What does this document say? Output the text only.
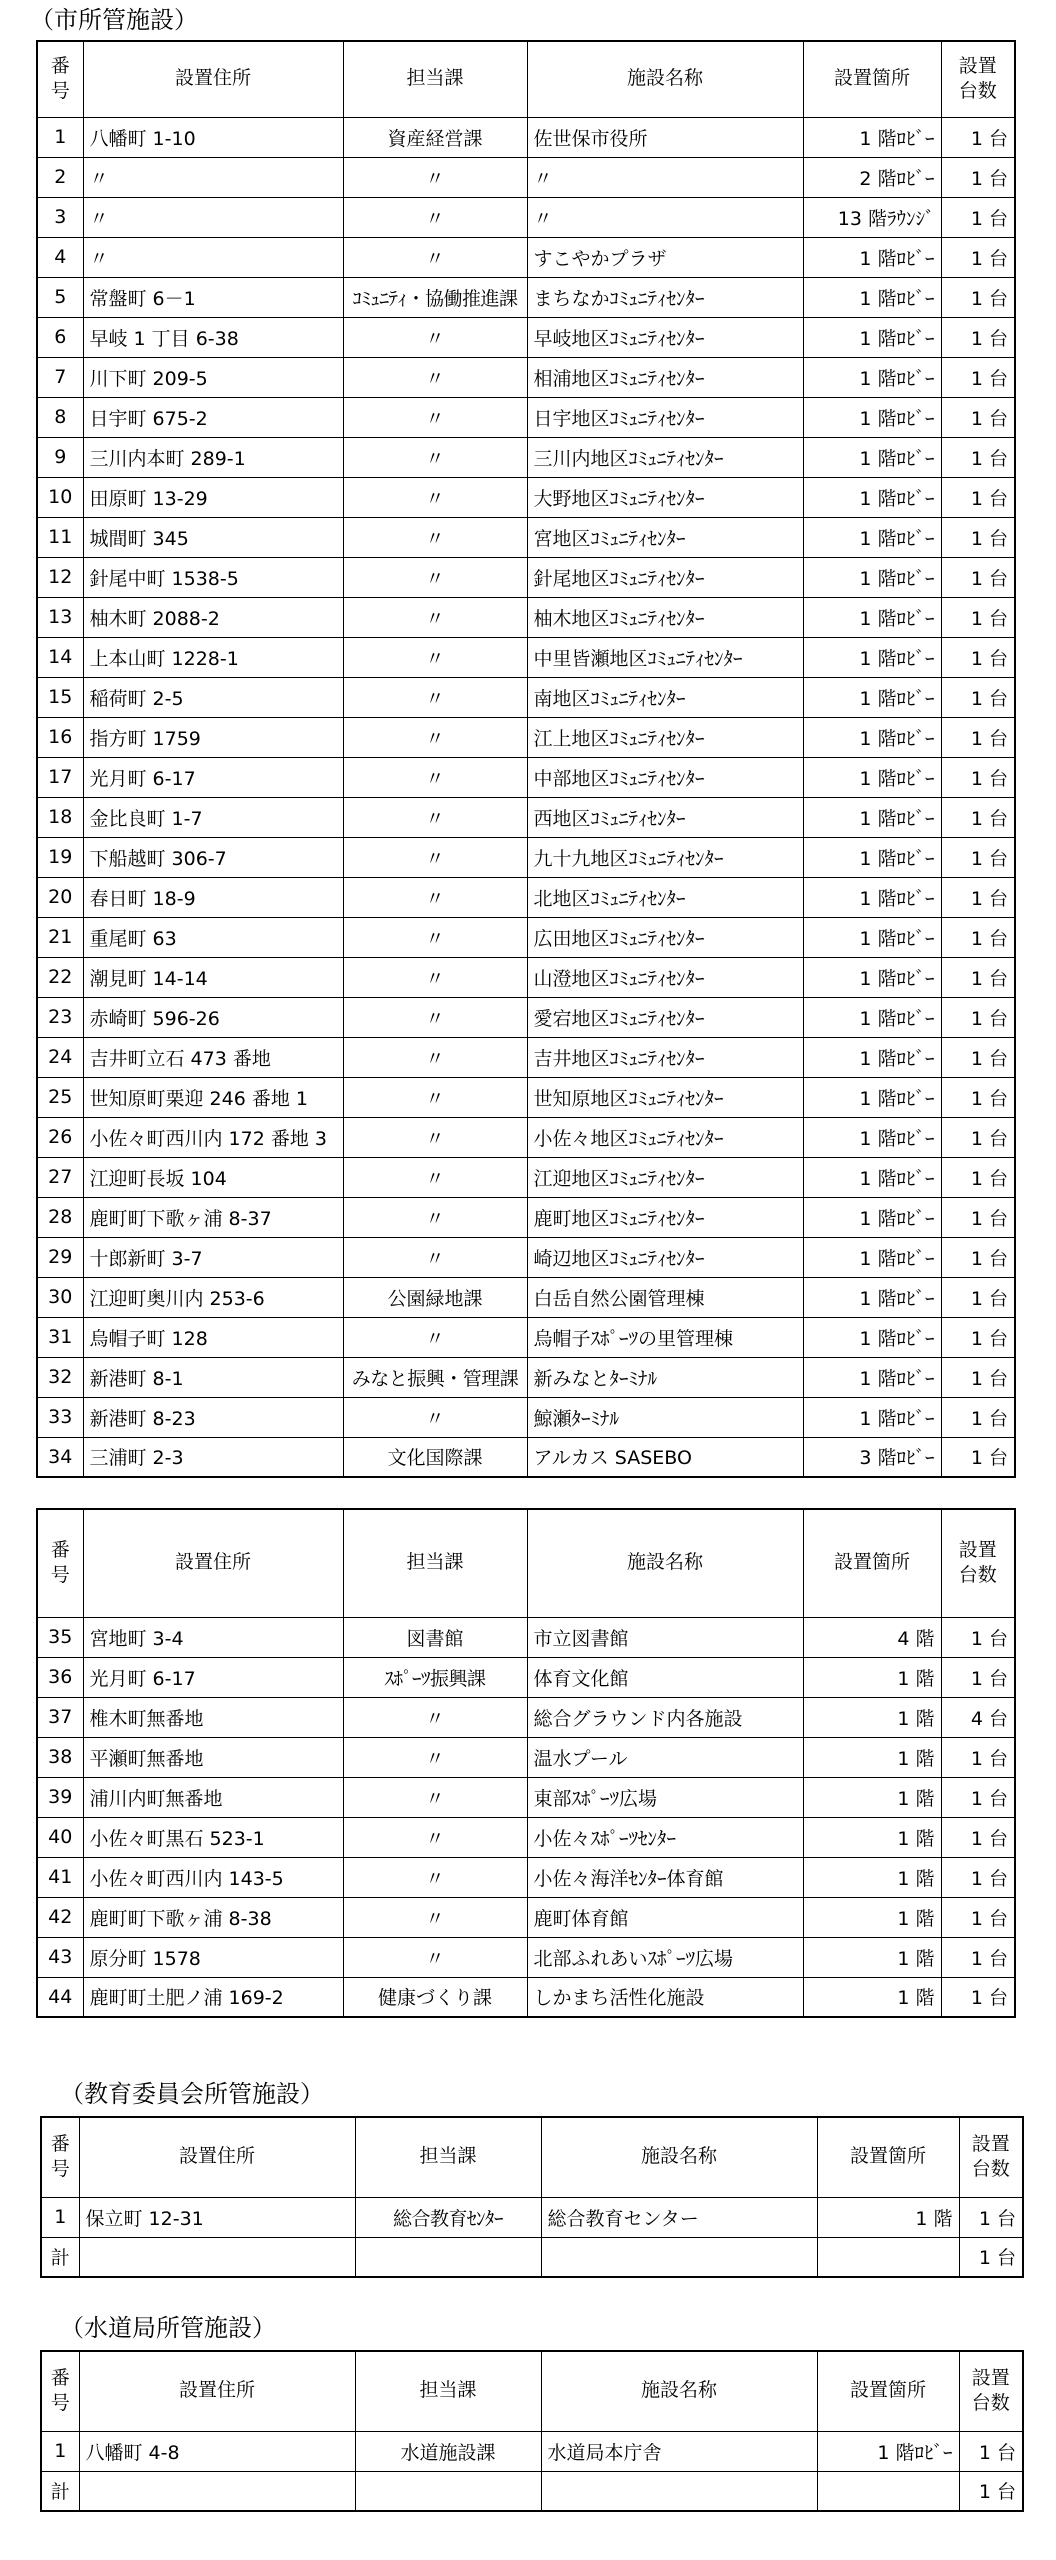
（市所管施設）
番
号	設置住所	担当課	施設名称	設置箇所	設置
台数
1	八幡町 1-10	資産経営課	佐世保市役所	1 階ﾛﾋﾞｰ	1 台
2	〃	〃	〃	2 階ﾛﾋﾞｰ	1 台
3	〃	〃	〃	13 階ﾗｳﾝｼﾞ	1 台
4	〃	〃	すこやかプラザ	1 階ﾛﾋﾞｰ	1 台
5	常盤町 6－1	ｺﾐｭﾆﾃｨ・協働推進課	まちなかｺﾐｭﾆﾃｨｾﾝﾀｰ	1 階ﾛﾋﾞｰ	1 台
6	早岐 1 丁目 6-38	〃	早岐地区ｺﾐｭﾆﾃｨｾﾝﾀｰ	1 階ﾛﾋﾞｰ	1 台
7	川下町 209-5	〃	相浦地区ｺﾐｭﾆﾃｨｾﾝﾀｰ	1 階ﾛﾋﾞｰ	1 台
8	日宇町 675-2	〃	日宇地区ｺﾐｭﾆﾃｨｾﾝﾀｰ	1 階ﾛﾋﾞｰ	1 台
9	三川内本町 289-1	〃	三川内地区ｺﾐｭﾆﾃｨｾﾝﾀｰ	1 階ﾛﾋﾞｰ	1 台
10	田原町 13-29	〃	大野地区ｺﾐｭﾆﾃｨｾﾝﾀｰ	1 階ﾛﾋﾞｰ	1 台
11	城間町 345	〃	宮地区ｺﾐｭﾆﾃｨｾﾝﾀｰ	1 階ﾛﾋﾞｰ	1 台
12	針尾中町 1538-5	〃	針尾地区ｺﾐｭﾆﾃｨｾﾝﾀｰ	1 階ﾛﾋﾞｰ	1 台
13	柚木町 2088-2	〃	柚木地区ｺﾐｭﾆﾃｨｾﾝﾀｰ	1 階ﾛﾋﾞｰ	1 台
14	上本山町 1228-1	〃	中里皆瀬地区ｺﾐｭﾆﾃｨｾﾝﾀｰ	1 階ﾛﾋﾞｰ	1 台
15	稲荷町 2-5	〃	南地区ｺﾐｭﾆﾃｨｾﾝﾀｰ	1 階ﾛﾋﾞｰ	1 台
16	指方町 1759	〃	江上地区ｺﾐｭﾆﾃｨｾﾝﾀｰ	1 階ﾛﾋﾞｰ	1 台
17	光月町 6-17	〃	中部地区ｺﾐｭﾆﾃｨｾﾝﾀｰ	1 階ﾛﾋﾞｰ	1 台
18	金比良町 1-7	〃	西地区ｺﾐｭﾆﾃｨｾﾝﾀｰ	1 階ﾛﾋﾞｰ	1 台
19	下船越町 306-7	〃	九十九地区ｺﾐｭﾆﾃｨｾﾝﾀｰ	1 階ﾛﾋﾞｰ	1 台
20	春日町 18-9	〃	北地区ｺﾐｭﾆﾃｨｾﾝﾀｰ	1 階ﾛﾋﾞｰ	1 台
21	重尾町 63	〃	広田地区ｺﾐｭﾆﾃｨｾﾝﾀｰ	1 階ﾛﾋﾞｰ	1 台
22	潮見町 14-14	〃	山澄地区ｺﾐｭﾆﾃｨｾﾝﾀｰ	1 階ﾛﾋﾞｰ	1 台
23	赤崎町 596-26	〃	愛宕地区ｺﾐｭﾆﾃｨｾﾝﾀｰ	1 階ﾛﾋﾞｰ	1 台
24	吉井町立石 473 番地	〃	吉井地区ｺﾐｭﾆﾃｨｾﾝﾀｰ	1 階ﾛﾋﾞｰ	1 台
25	世知原町栗迎 246 番地 1	〃	世知原地区ｺﾐｭﾆﾃｨｾﾝﾀｰ	1 階ﾛﾋﾞｰ	1 台
26	小佐々町西川内 172 番地 3	〃	小佐々地区ｺﾐｭﾆﾃｨｾﾝﾀｰ	1 階ﾛﾋﾞｰ	1 台
27	江迎町長坂 104	〃	江迎地区ｺﾐｭﾆﾃｨｾﾝﾀｰ	1 階ﾛﾋﾞｰ	1 台
28	鹿町町下歌ヶ浦 8-37	〃	鹿町地区ｺﾐｭﾆﾃｨｾﾝﾀｰ	1 階ﾛﾋﾞｰ	1 台
29	十郎新町 3-7	〃	崎辺地区ｺﾐｭﾆﾃｨｾﾝﾀｰ	1 階ﾛﾋﾞｰ	1 台
30	江迎町奥川内 253-6	公園緑地課	白岳自然公園管理棟	1 階ﾛﾋﾞｰ	1 台
31	烏帽子町 128	〃	烏帽子ｽﾎﾟｰﾂの里管理棟	1 階ﾛﾋﾞｰ	1 台
32	新港町 8-1	みなと振興・管理課	新みなとﾀｰﾐﾅﾙ	1 階ﾛﾋﾞｰ	1 台
33	新港町 8-23	〃	鯨瀬ﾀｰﾐﾅﾙ	1 階ﾛﾋﾞｰ	1 台
34	三浦町 2-3	文化国際課	アルカス SASEBO	3 階ﾛﾋﾞｰ	1 台
番
号	設置住所	担当課	施設名称	設置箇所	設置
台数
35	宮地町 3-4	図書館	市立図書館	4 階	1 台
36	光月町 6-17	ｽﾎﾟｰﾂ振興課	体育文化館	1 階	1 台
37	椎木町無番地	〃	総合グラウンド内各施設	1 階	4 台
38	平瀬町無番地	〃	温水プール	1 階	1 台
39	浦川内町無番地	〃	東部ｽﾎﾟｰﾂ広場	1 階	1 台
40	小佐々町黒石 523-1	〃	小佐々ｽﾎﾟｰﾂｾﾝﾀｰ	1 階	1 台
41	小佐々町西川内 143-5	〃	小佐々海洋ｾﾝﾀｰ体育館	1 階	1 台
42	鹿町町下歌ヶ浦 8-38	〃	鹿町体育館	1 階	1 台
43	原分町 1578	〃	北部ふれあいｽﾎﾟｰﾂ広場	1 階	1 台
44	鹿町町土肥ノ浦 169-2	健康づくり課	しかまち活性化施設	1 階	1 台
（教育委員会所管施設）
番
号	設置住所	担当課	施設名称	設置箇所	設置
台数
1	保立町 12-31	総合教育ｾﾝﾀｰ	総合教育センター	1 階	1 台
計					1 台
（水道局所管施設）
番
号	設置住所	担当課	施設名称	設置箇所	設置
台数
1	八幡町 4-8	水道施設課	水道局本庁舎	1 階ﾛﾋﾞｰ	1 台
計					1 台
